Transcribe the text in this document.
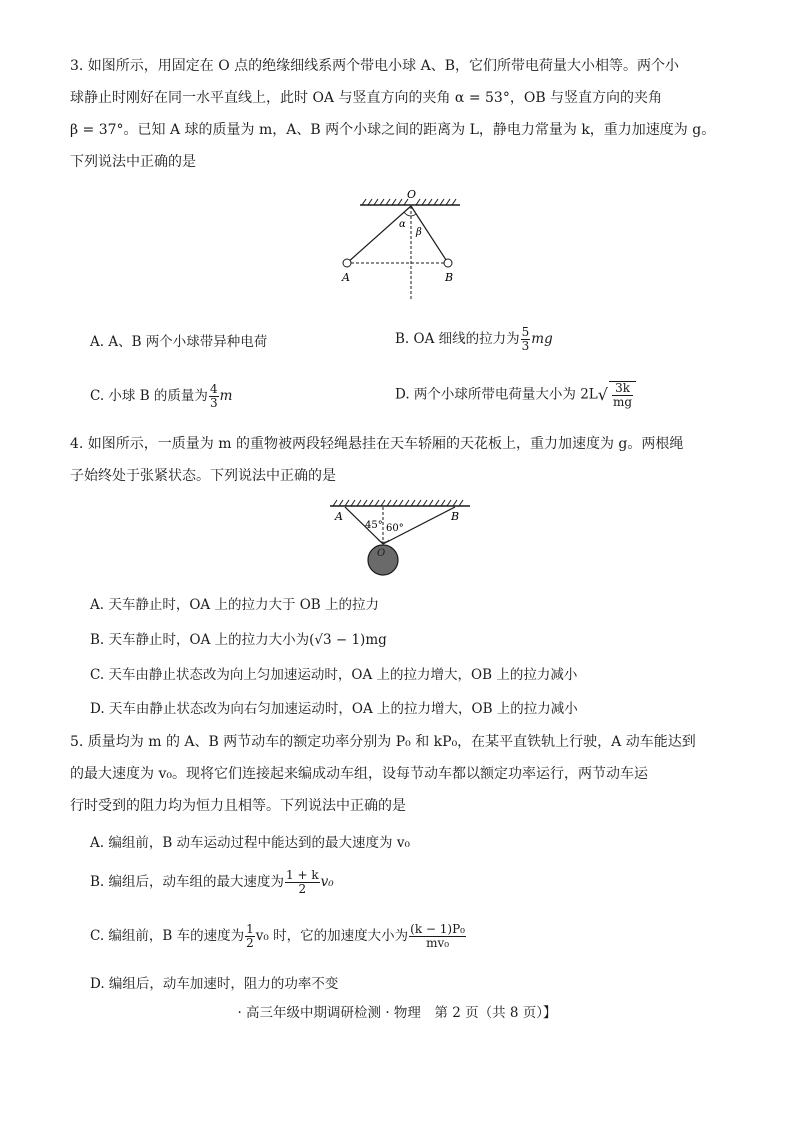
3. 如图所示，用固定在 O 点的绝缘细线系两个带电小球 A、B，它们所带电荷量大小相等。两个小
球静止时刚好在同一水平直线上，此时 OA 与竖直方向的夹角 α = 53°，OB 与竖直方向的夹角
β = 37°。已知 A 球的质量为 m，A、B 两个小球之间的距离为 L，静电力常量为 k，重力加速度为 g。
下列说法中正确的是
O
α
β
A	B
A. A、B 两个小球带异种电荷	B. OA 细线的拉力为 $\frac{5}{3}$ mg
C. 小球 B 的质量为 $\frac{4}{3}$ m	D. 两个小球所带电荷量大小为 $2L√ \frac{3k}{mg}$
4. 如图所示，一质量为 m 的重物被两段轻绳悬挂在天车轿厢的天花板上，重力加速度为 g。两根绳
子始终处于张紧状态。下列说法中正确的是
A	B
45° 60°
O
A. 天车静止时，OA 上的拉力大于 OB 上的拉力
B. 天车静止时，OA 上的拉力大小为(√3 − 1)mg
C. 天车由静止状态改为向上匀加速运动时，OA 上的拉力增大，OB 上的拉力减小
D. 天车由静止状态改为向右匀加速运动时，OA 上的拉力增大，OB 上的拉力减小
5. 质量均为 m 的 A、B 两节动车的额定功率分别为 P₀ 和 kP₀，在某平直铁轨上行驶，A 动车能达到
的最大速度为 v₀。现将它们连接起来编成动车组，设每节动车都以额定功率运行，两节动车运
行时受到的阻力均为恒力且相等。下列说法中正确的是
A. 编组前，B 动车运动过程中能达到的最大速度为 v₀
B. 编组后，动车组的最大速度为 $\frac{1 + k}{2} v_0$
C. 编组前，B 车的速度为 $\frac{1}{2} v_0$ 时，它的加速度大小为 $\frac{\text{(k − 1)P₀}}{\text{mv₀}}$
D. 编组后，动车加速时，阻力的功率不变
· 高三年级中期调研检测 · 物理　第 2 页（共 8 页）】
